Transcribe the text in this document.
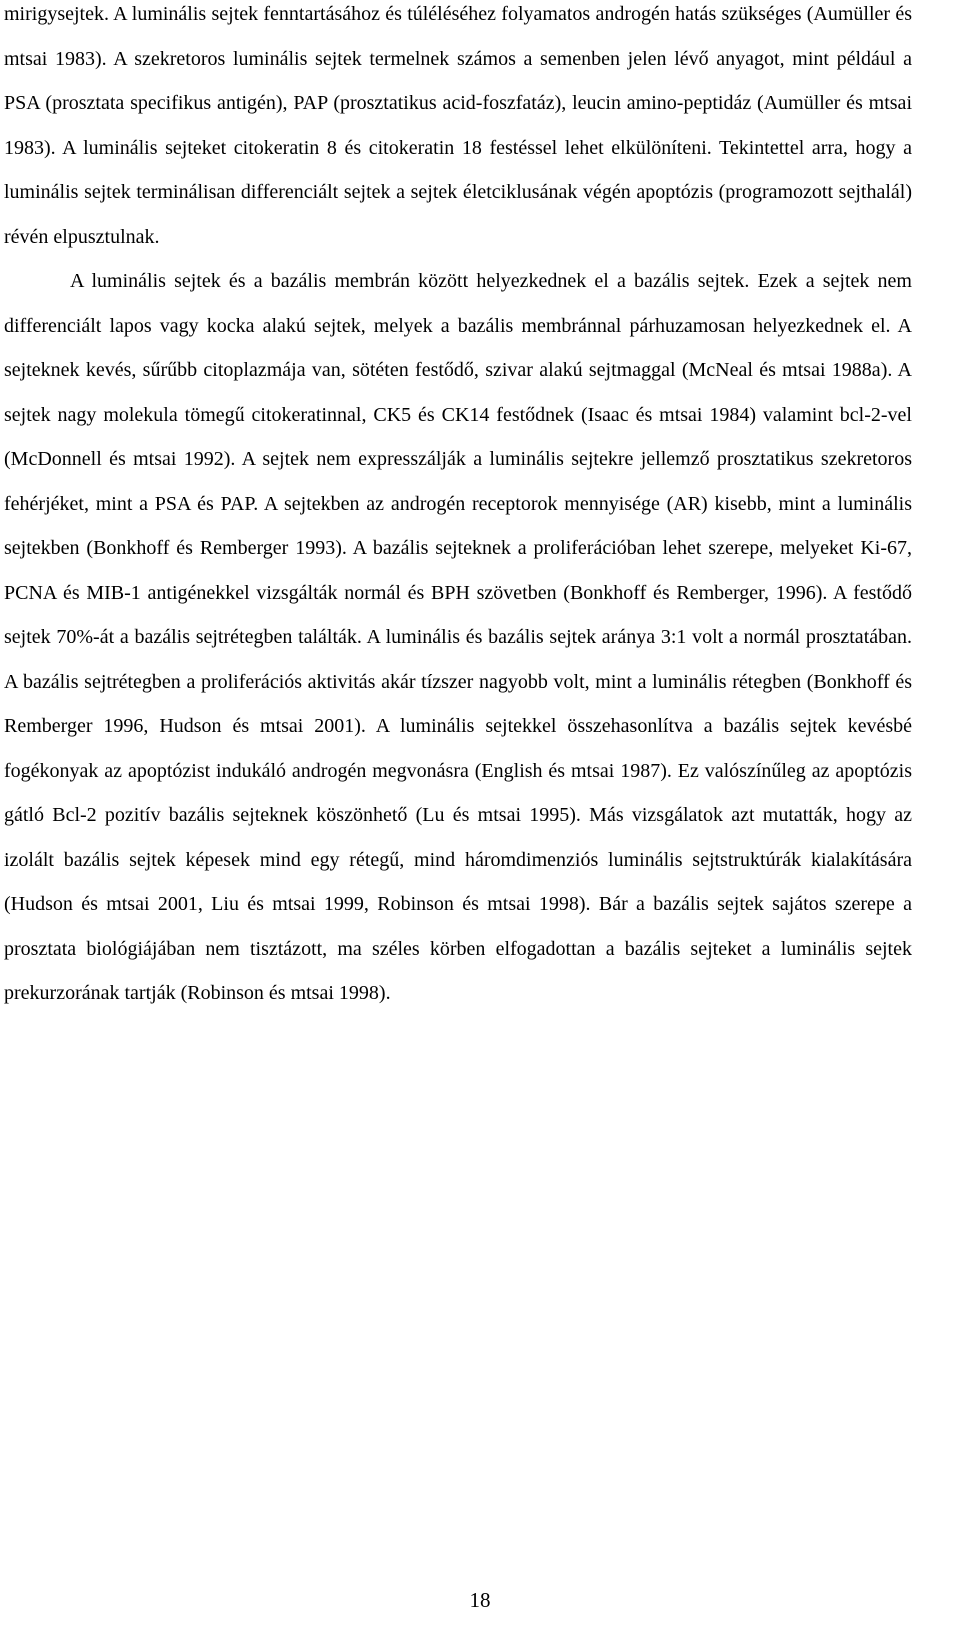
mirigysejtek. A luminális sejtek fenntartásához és túléléséhez folyamatos androgén hatás szükséges (Aumüller és mtsai 1983). A szekretoros luminális sejtek termelnek számos a semenben jelen lévő anyagot, mint például a PSA (prosztata specifikus antigén), PAP (prosztatikus acid-foszfatáz), leucin amino-peptidáz (Aumüller és mtsai 1983). A luminális sejteket citokeratin 8 és citokeratin 18 festéssel lehet elkülöníteni. Tekintettel arra, hogy a luminális sejtek terminálisan differenciált sejtek a sejtek életciklusának végén apoptózis (programozott sejthalál) révén elpusztulnak.

A luminális sejtek és a bazális membrán között helyezkednek el a bazális sejtek. Ezek a sejtek nem differenciált lapos vagy kocka alakú sejtek, melyek a bazális membránnal párhuzamosan helyezkednek el. A sejteknek kevés, sűrűbb citoplazmája van, sötéten festődő, szivar alakú sejtmaggal (McNeal és mtsai 1988a). A sejtek nagy molekula tömegű citokeratinnal, CK5 és CK14 festődnek (Isaac és mtsai 1984) valamint bcl-2-vel (McDonnell és mtsai 1992). A sejtek nem expresszálják a luminális sejtekre jellemző prosztatikus szekretoros fehérjéket, mint a PSA és PAP. A sejtekben az androgén receptorok mennyisége (AR) kisebb, mint a luminális sejtekben (Bonkhoff és Remberger 1993). A bazális sejteknek a proliferációban lehet szerepe, melyeket Ki-67, PCNA és MIB-1 antigénekkel vizsgálták normál és BPH szövetben (Bonkhoff és Remberger, 1996). A festődő sejtek 70%-át a bazális sejtrétegben találták. A luminális és bazális sejtek aránya 3:1 volt a normál prosztatában. A bazális sejtrétegben a proliferációs aktivitás akár tízszer nagyobb volt, mint a luminális rétegben (Bonkhoff és Remberger 1996, Hudson és mtsai 2001). A luminális sejtekkel összehasonlítva a bazális sejtek kevésbé fogékonyak az apoptózist indukáló androgén megvonásra (English és mtsai 1987). Ez valószínűleg az apoptózis gátló Bcl-2 pozitív bazális sejteknek köszönhető (Lu és mtsai 1995). Más vizsgálatok azt mutatták, hogy az izolált bazális sejtek képesek mind egy rétegű, mind háromdimenziós luminális sejtstruktúrák kialakítására (Hudson és mtsai 2001, Liu és mtsai 1999, Robinson és mtsai 1998). Bár a bazális sejtek sajátos szerepe a prosztata biológiájában nem tisztázott, ma széles körben elfogadottan a bazális sejteket a luminális sejtek prekurzorának tartják (Robinson és mtsai 1998).

18
